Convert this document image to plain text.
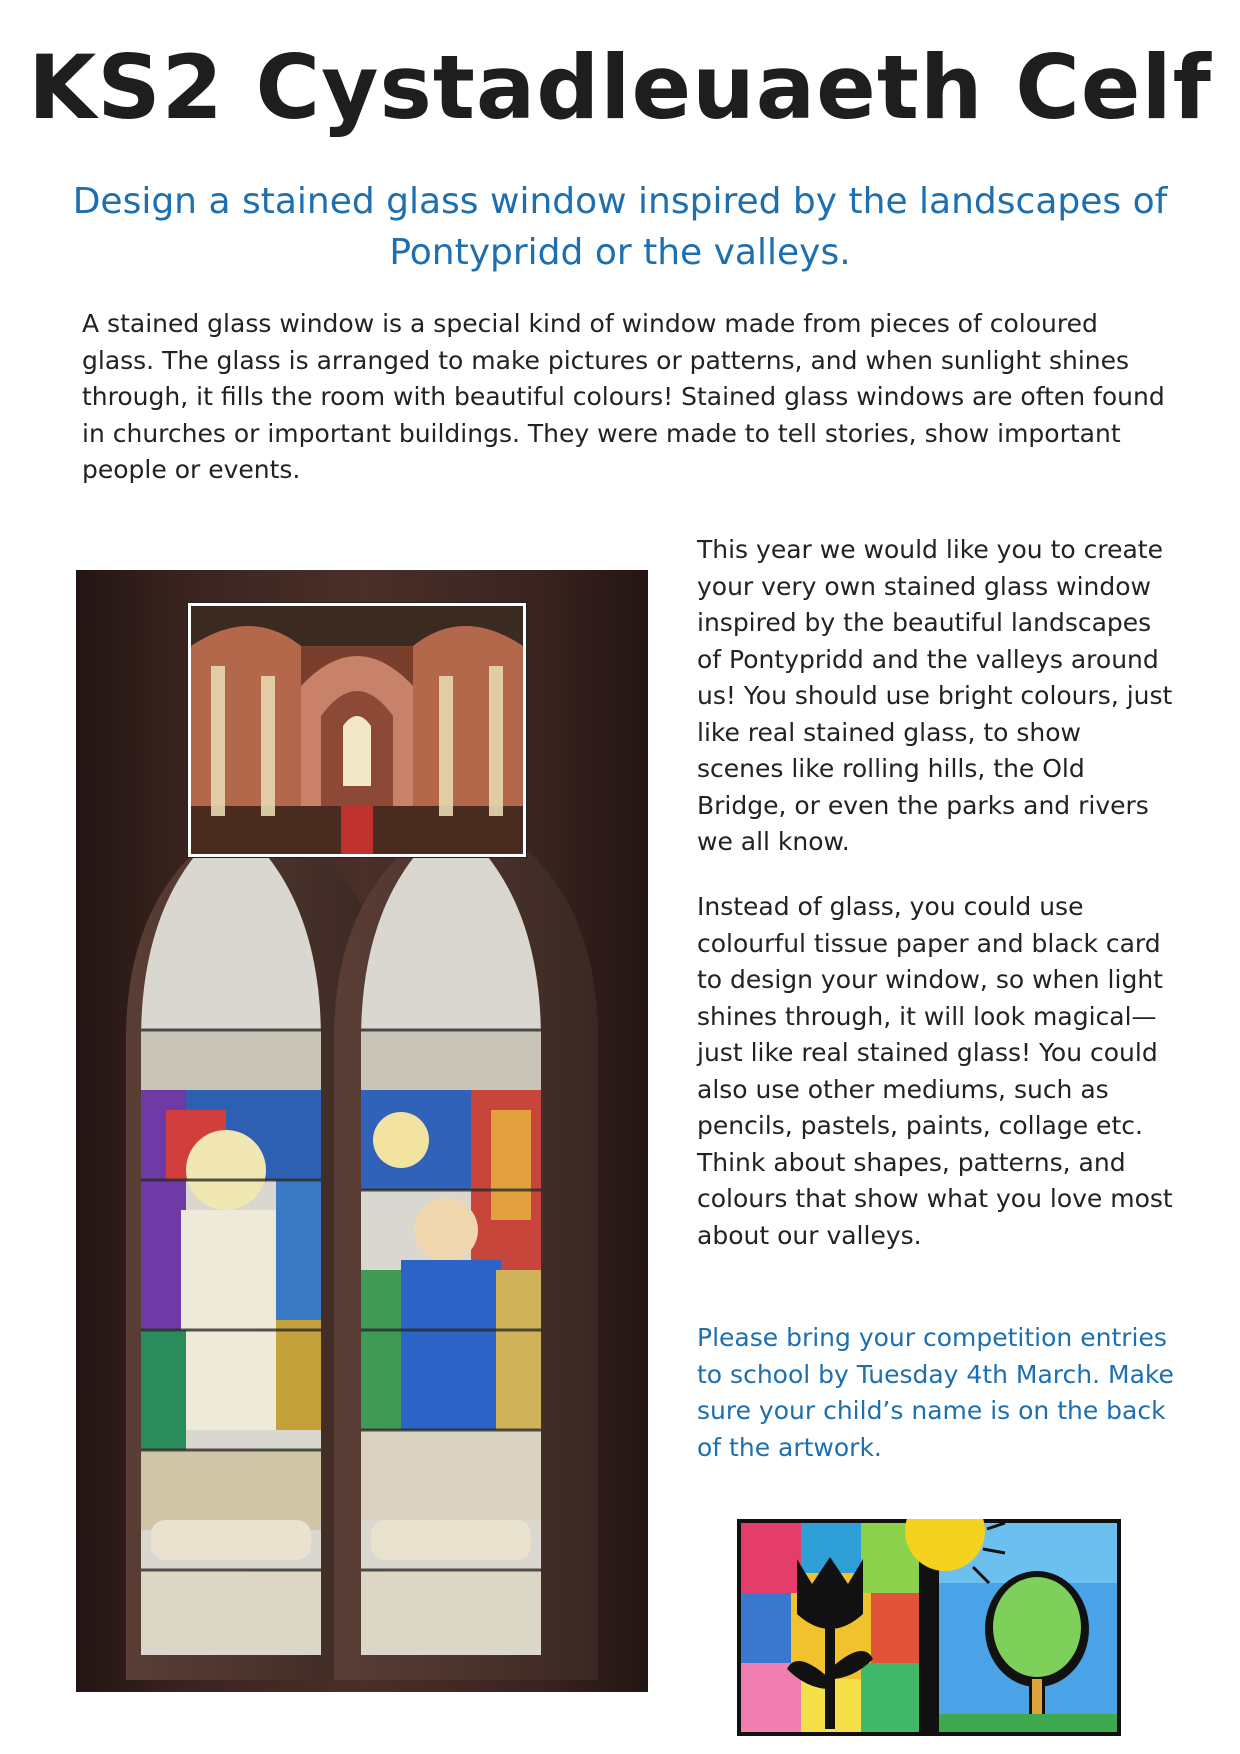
KS2 Cystadleuaeth Celf

Design a stained glass window inspired by the landscapes of Pontypridd or the valleys.

A stained glass window is a special kind of window made from pieces of coloured glass. The glass is arranged to make pictures or patterns, and when sunlight shines through, it fills the room with beautiful colours! Stained glass windows are often found in churches or important buildings. They were made to tell stories, show important people or events.

This year we would like you to create your very own stained glass window inspired by the beautiful landscapes of Pontypridd and the valleys around us! You should use bright colours, just like real stained glass, to show scenes like rolling hills, the Old Bridge, or even the parks and rivers we all know.

Instead of glass, you could use colourful tissue paper and black card to design your window, so when light shines through, it will look magical—just like real stained glass! You could also use other mediums, such as pencils, pastels, paints, collage etc. Think about shapes, patterns, and colours that show what you love most about our valleys.

Please bring your competition entries to school by Tuesday 4th March. Make sure your child’s name is on the back of the artwork.
